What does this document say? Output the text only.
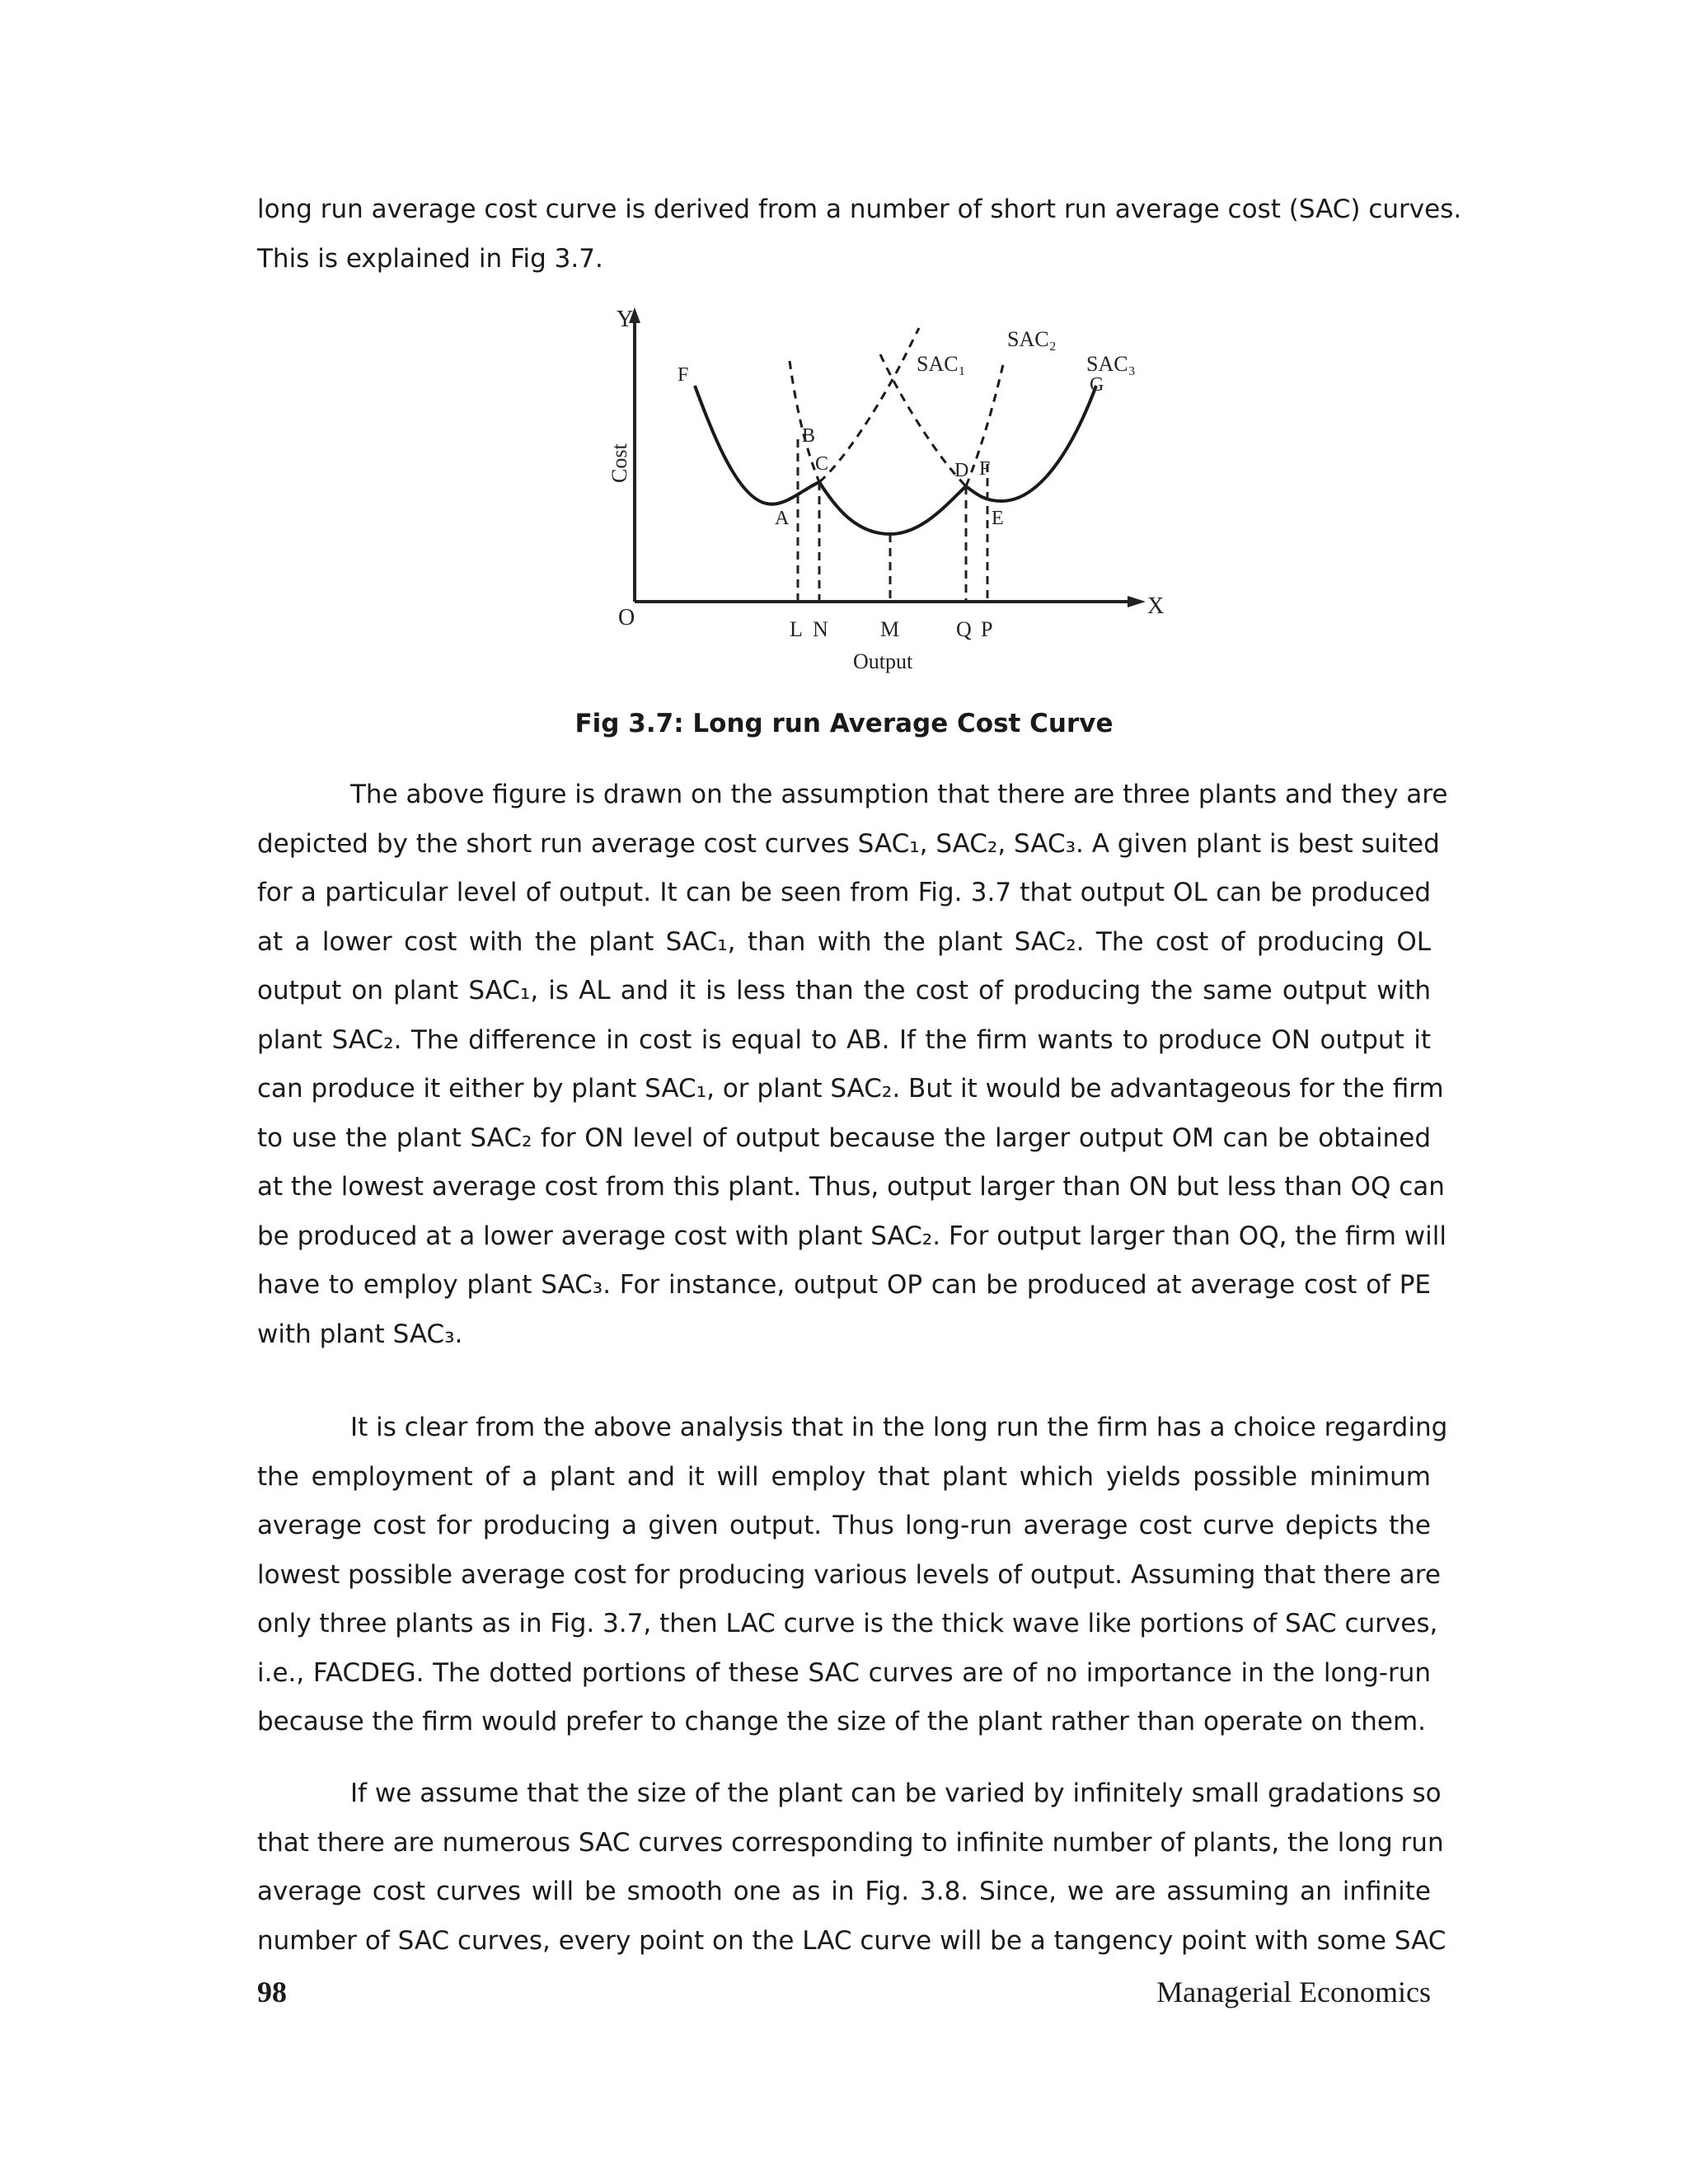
long run average cost curve is derived from a number of short run average cost (SAC) curves.
This is explained in Fig 3.7.
Y
X
O
Cost
Output
SAC₁
SAC₂
SAC₃
F
B
C
A
D F
E
G
L N M	Q P
Fig 3.7: Long run Average Cost Curve
The above figure is drawn on the assumption that there are three plants and they are
depicted by the short run average cost curves SAC₁, SAC₂, SAC₃. A given plant is best suited
for a particular level of output. It can be seen from Fig. 3.7 that output OL can be produced
at a lower cost with the plant SAC₁, than with the plant SAC₂. The cost of producing OL
output on plant SAC₁, is AL and it is less than the cost of producing the same output with
plant SAC₂. The difference in cost is equal to AB. If the firm wants to produce ON output it
can produce it either by plant SAC₁, or plant SAC₂. But it would be advantageous for the firm
to use the plant SAC₂ for ON level of output because the larger output OM can be obtained
at the lowest average cost from this plant. Thus, output larger than ON but less than OQ can
be produced at a lower average cost with plant SAC₂. For output larger than OQ, the firm will
have to employ plant SAC₃. For instance, output OP can be produced at average cost of PE
with plant SAC₃.
It is clear from the above analysis that in the long run the firm has a choice regarding
the employment of a plant and it will employ that plant which yields possible minimum
average cost for producing a given output. Thus long-run average cost curve depicts the
lowest possible average cost for producing various levels of output. Assuming that there are
only three plants as in Fig. 3.7, then LAC curve is the thick wave like portions of SAC curves,
i.e., FACDEG. The dotted portions of these SAC curves are of no importance in the long-run
because the firm would prefer to change the size of the plant rather than operate on them.
If we assume that the size of the plant can be varied by infinitely small gradations so
that there are numerous SAC curves corresponding to infinite number of plants, the long run
average cost curves will be smooth one as in Fig. 3.8. Since, we are assuming an infinite
number of SAC curves, every point on the LAC curve will be a tangency point with some SAC
98	Managerial Economics
